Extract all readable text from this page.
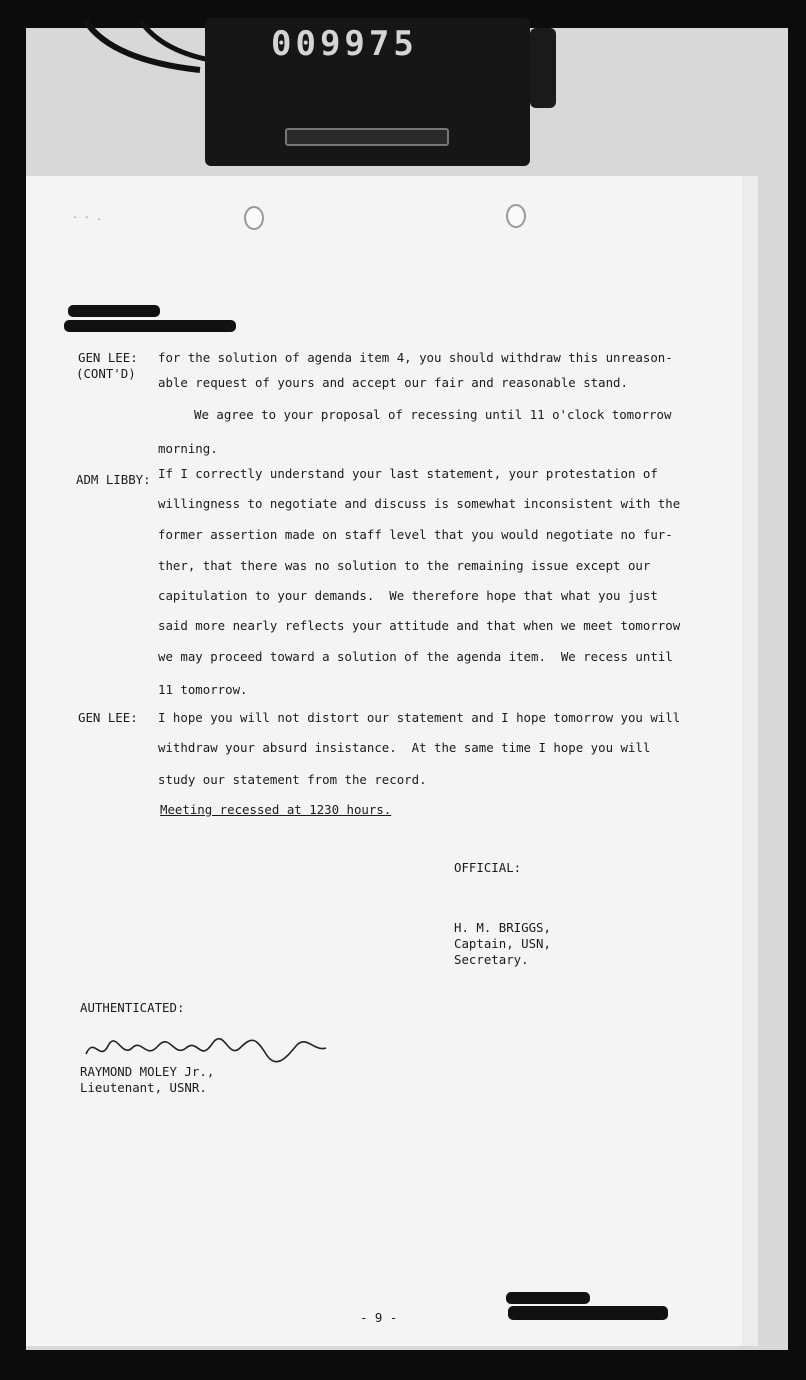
009975
- - .
GEN LEE:
(CONT'D)
ADM LIBBY:
GEN LEE:
for the solution of agenda item 4, you should withdraw this unreason-
able request of yours and accept our fair and reasonable stand.
We agree to your proposal of recessing until 11 o'clock tomorrow
morning.
If I correctly understand your last statement, your protestation of
willingness to negotiate and discuss is somewhat inconsistent with the
former assertion made on staff level that you would negotiate no fur-
ther, that there was no solution to the remaining issue except our
capitulation to your demands.  We therefore hope that what you just
said more nearly reflects your attitude and that when we meet tomorrow
we may proceed toward a solution of the agenda item.  We recess until
11 tomorrow.
I hope you will not distort our statement and I hope tomorrow you will
withdraw your absurd insistance.  At the same time I hope you will
study our statement from the record.
Meeting recessed at 1230 hours.
OFFICIAL:
H. M. BRIGGS,
Captain, USN,
Secretary.
AUTHENTICATED:
RAYMOND MOLEY Jr.,
Lieutenant, USNR.
- 9 -
